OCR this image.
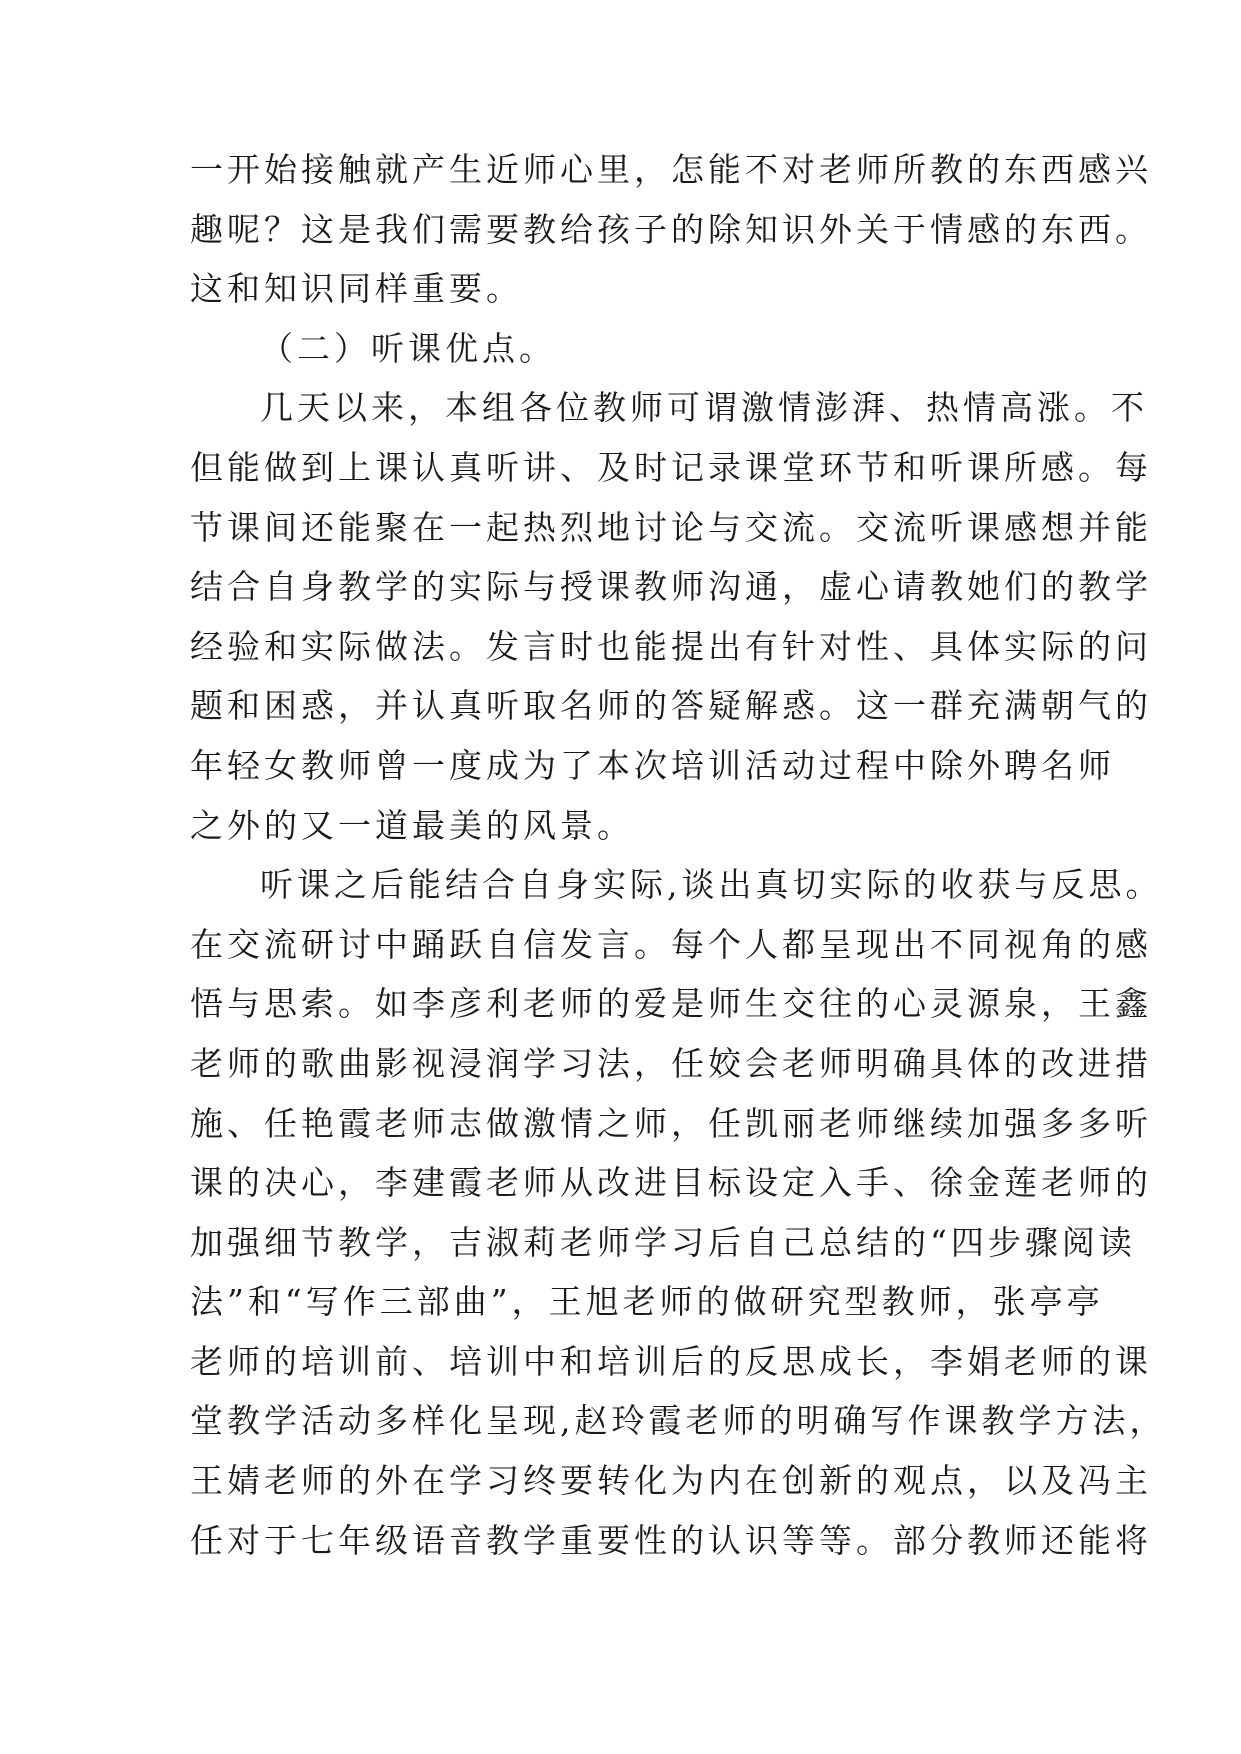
一开始接触就产生近师心里，怎能不对老师所教的东西感兴
趣呢？这是我们需要教给孩子的除知识外关于情感的东西。
这和知识同样重要。
（二）听课优点。
几天以来，本组各位教师可谓激情澎湃、热情高涨。不
但能做到上课认真听讲、及时记录课堂环节和听课所感。每
节课间还能聚在一起热烈地讨论与交流。交流听课感想并能
结合自身教学的实际与授课教师沟通，虚心请教她们的教学
经验和实际做法。发言时也能提出有针对性、具体实际的问
题和困惑，并认真听取名师的答疑解惑。这一群充满朝气的
年轻女教师曾一度成为了本次培训活动过程中除外聘名师
之外的又一道最美的风景。
听课之后能结合自身实际,谈出真切实际的收获与反思。
在交流研讨中踊跃自信发言。每个人都呈现出不同视角的感
悟与思索。如李彦利老师的爱是师生交往的心灵源泉，王鑫
老师的歌曲影视浸润学习法，任姣会老师明确具体的改进措
施、任艳霞老师志做激情之师，任凯丽老师继续加强多多听
课的决心，李建霞老师从改进目标设定入手、徐金莲老师的
加强细节教学，吉淑莉老师学习后自己总结的“四步骤阅读
法”和“写作三部曲”，王旭老师的做研究型教师，张亭亭
老师的培训前、培训中和培训后的反思成长，李娟老师的课
堂教学活动多样化呈现,赵玲霞老师的明确写作课教学方法，
王婧老师的外在学习终要转化为内在创新的观点，以及冯主
任对于七年级语音教学重要性的认识等等。部分教师还能将
